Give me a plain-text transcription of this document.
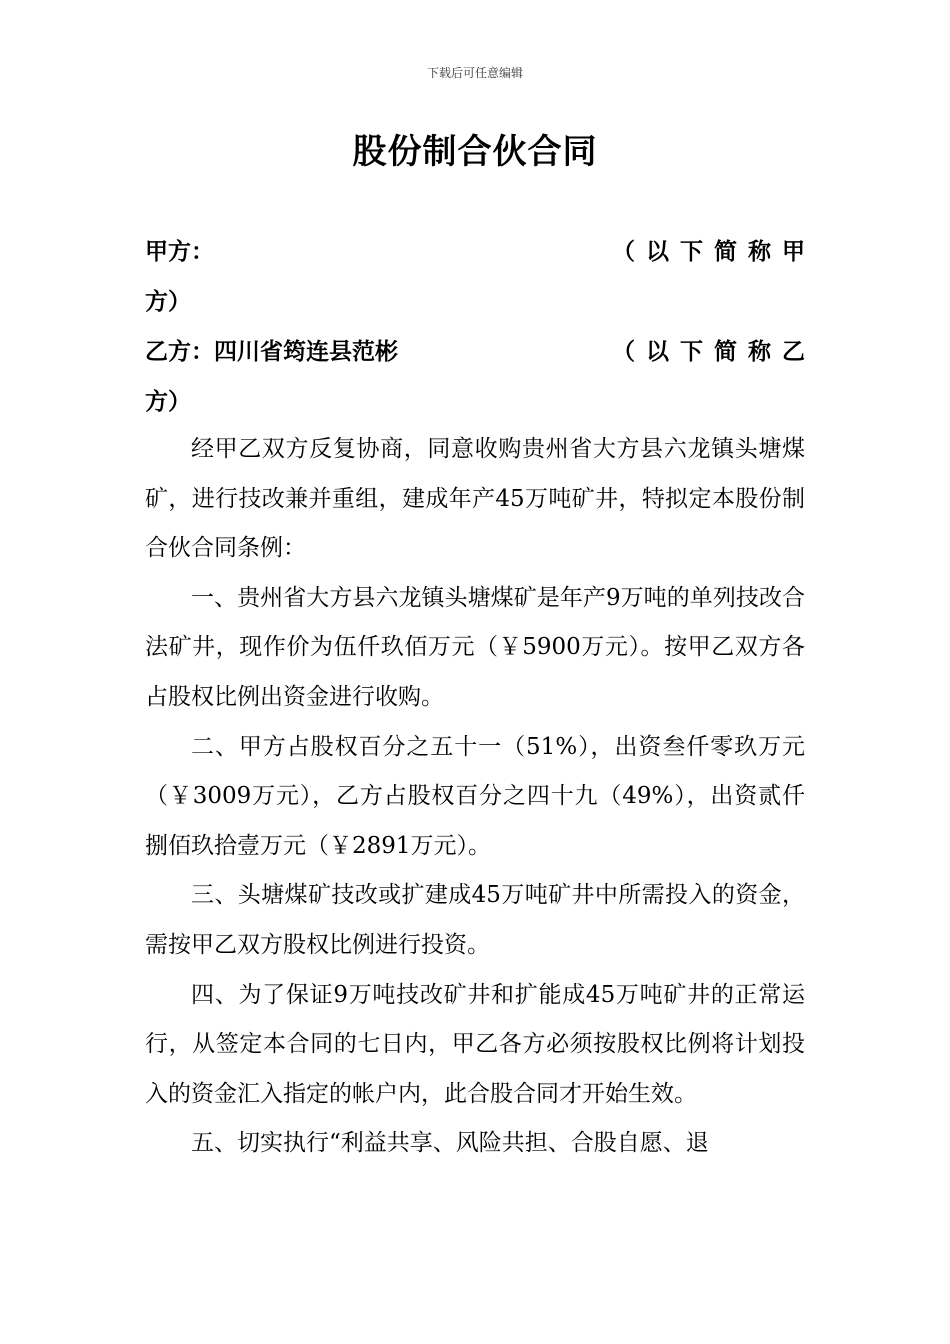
下载后可任意编辑
股份制合伙合同
甲方：	（以下简称甲
方）
乙方：四川省筠连县范彬	（以下简称乙
方）

经甲乙双方反复协商，同意收购贵州省大方县六龙镇头塘煤矿，进行技改兼并重组，建成年产45万吨矿井，特拟定本股份制合伙合同条例：

一、贵州省大方县六龙镇头塘煤矿是年产9万吨的单列技改合法矿井，现作价为伍仟玖佰万元（￥5900万元）。按甲乙双方各占股权比例出资金进行收购。

二、甲方占股权百分之五十一（51%），出资叁仟零玖万元（￥3009万元），乙方占股权百分之四十九（49%），出资贰仟捌佰玖拾壹万元（￥2891万元）。

三、头塘煤矿技改或扩建成45万吨矿井中所需投入的资金，需按甲乙双方股权比例进行投资。

四、为了保证9万吨技改矿井和扩能成45万吨矿井的正常运行，从签定本合同的七日内，甲乙各方必须按股权比例将计划投入的资金汇入指定的帐户内，此合股合同才开始生效。

五、切实执行“利益共享、风险共担、合股自愿、退
